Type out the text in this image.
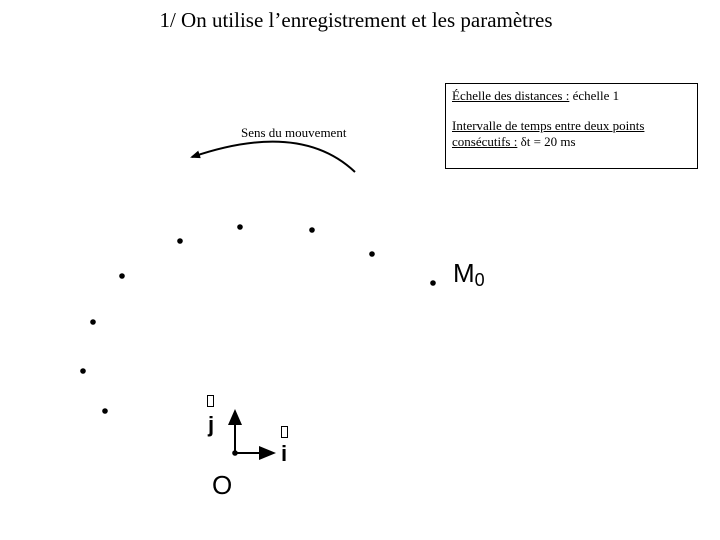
1/ On utilise l’enregistrement et les paramètres
Échelle des distances : échelle 1
Intervalle de temps entre deux points
consécutifs : δt = 20 ms
Sens du mouvement
$M_0$
j
i
O
